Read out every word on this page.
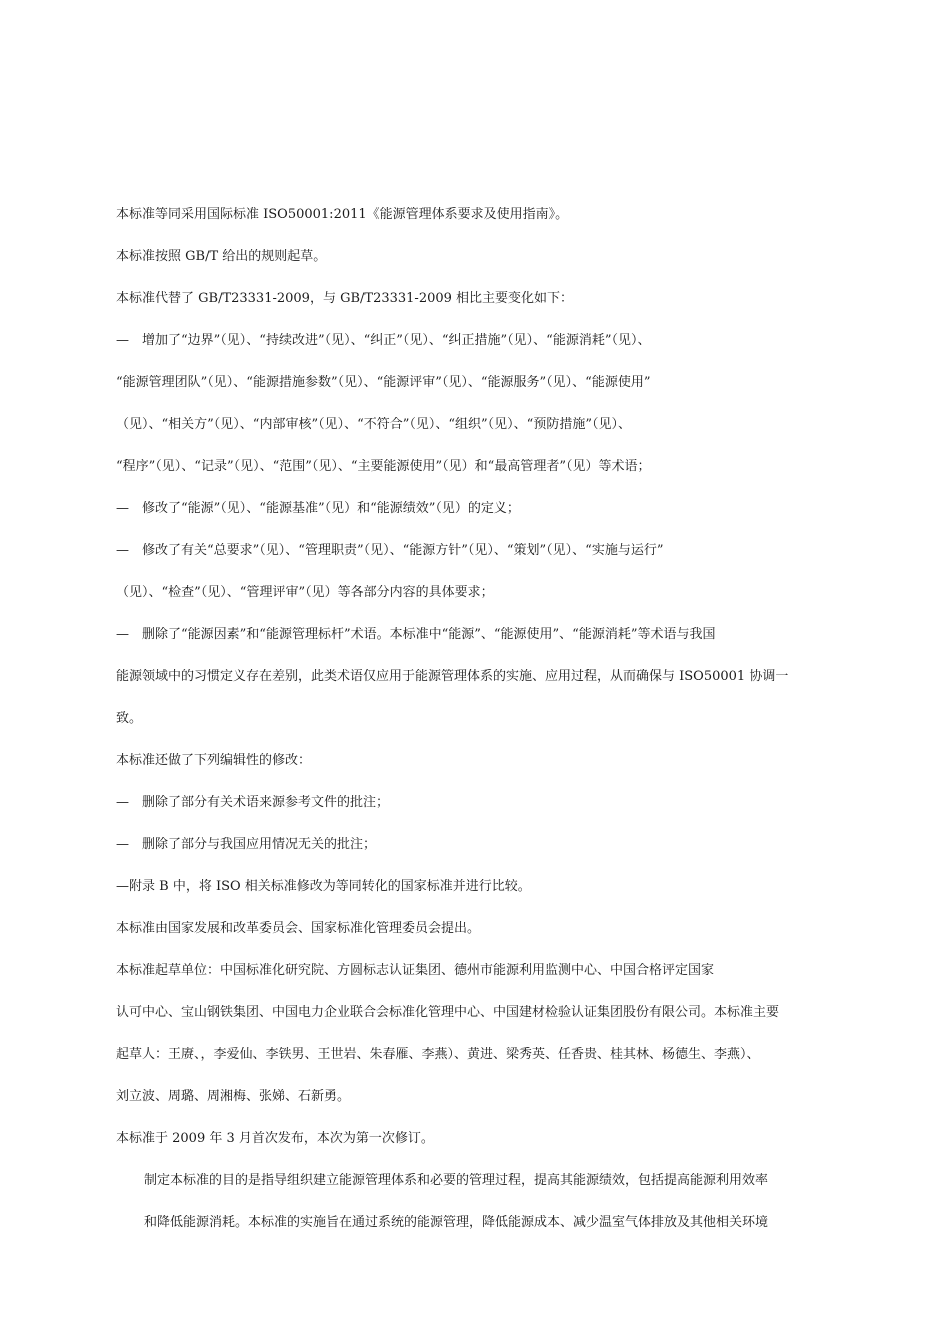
本标准等同采用国际标准 ISO50001:2011《能源管理体系要求及使用指南》。
本标准按照 GB/T 给出的规则起草。
本标准代替了 GB/T23331-2009，与 GB/T23331-2009 相比主要变化如下：
—　增加了“边界”（见）、“持续改进”（见）、“纠正”（见）、“纠正措施”（见）、“能源消耗”（见）、
“能源管理团队”（见）、“能源措施参数”（见）、“能源评审”（见）、“能源服务”（见）、“能源使用”
（见）、“相关方”（见）、“内部审核”（见）、“不符合”（见）、“组织”（见）、“预防措施”（见）、
“程序”（见）、“记录”（见）、“范围”（见）、“主要能源使用”（见）和“最高管理者”（见）等术语；
—　修改了“能源”（见）、“能源基准”（见）和“能源绩效”（见）的定义；
—　修改了有关“总要求”（见）、“管理职责”（见）、“能源方针”（见）、“策划”（见）、“实施与运行”
（见）、“检查”（见）、“管理评审”（见）等各部分内容的具体要求；
—　删除了“能源因素”和“能源管理标杆”术语。本标准中“能源”、“能源使用”、“能源消耗”等术语与我国
能源领域中的习惯定义存在差别，此类术语仅应用于能源管理体系的实施、应用过程，从而确保与 ISO50001 协调一
致。
本标准还做了下列编辑性的修改：
—　删除了部分有关术语来源参考文件的批注；
—　删除了部分与我国应用情况无关的批注；
—附录 B 中，将 ISO 相关标准修改为等同转化的国家标准并进行比较。
本标准由国家发展和改革委员会、国家标准化管理委员会提出。
本标准起草单位：中国标准化研究院、方圆标志认证集团、德州市能源利用监测中心、中国合格评定国家
认可中心、宝山钢铁集团、中国电力企业联合会标准化管理中心、中国建材检验认证集团股份有限公司。本标准主要
起草人：王赓、，李爱仙、李铁男、王世岩、朱春雁、李燕）、黄进、梁秀英、任香贵、桂其林、杨德生、李燕）、
刘立波、周璐、周湘梅、张娣、石新勇。
本标准于 2009 年 3 月首次发布，本次为第一次修订。
制定本标准的目的是指导组织建立能源管理体系和必要的管理过程，提高其能源绩效，包括提高能源利用效率
和降低能源消耗。本标准的实施旨在通过系统的能源管理，降低能源成本、减少温室气体排放及其他相关环境
